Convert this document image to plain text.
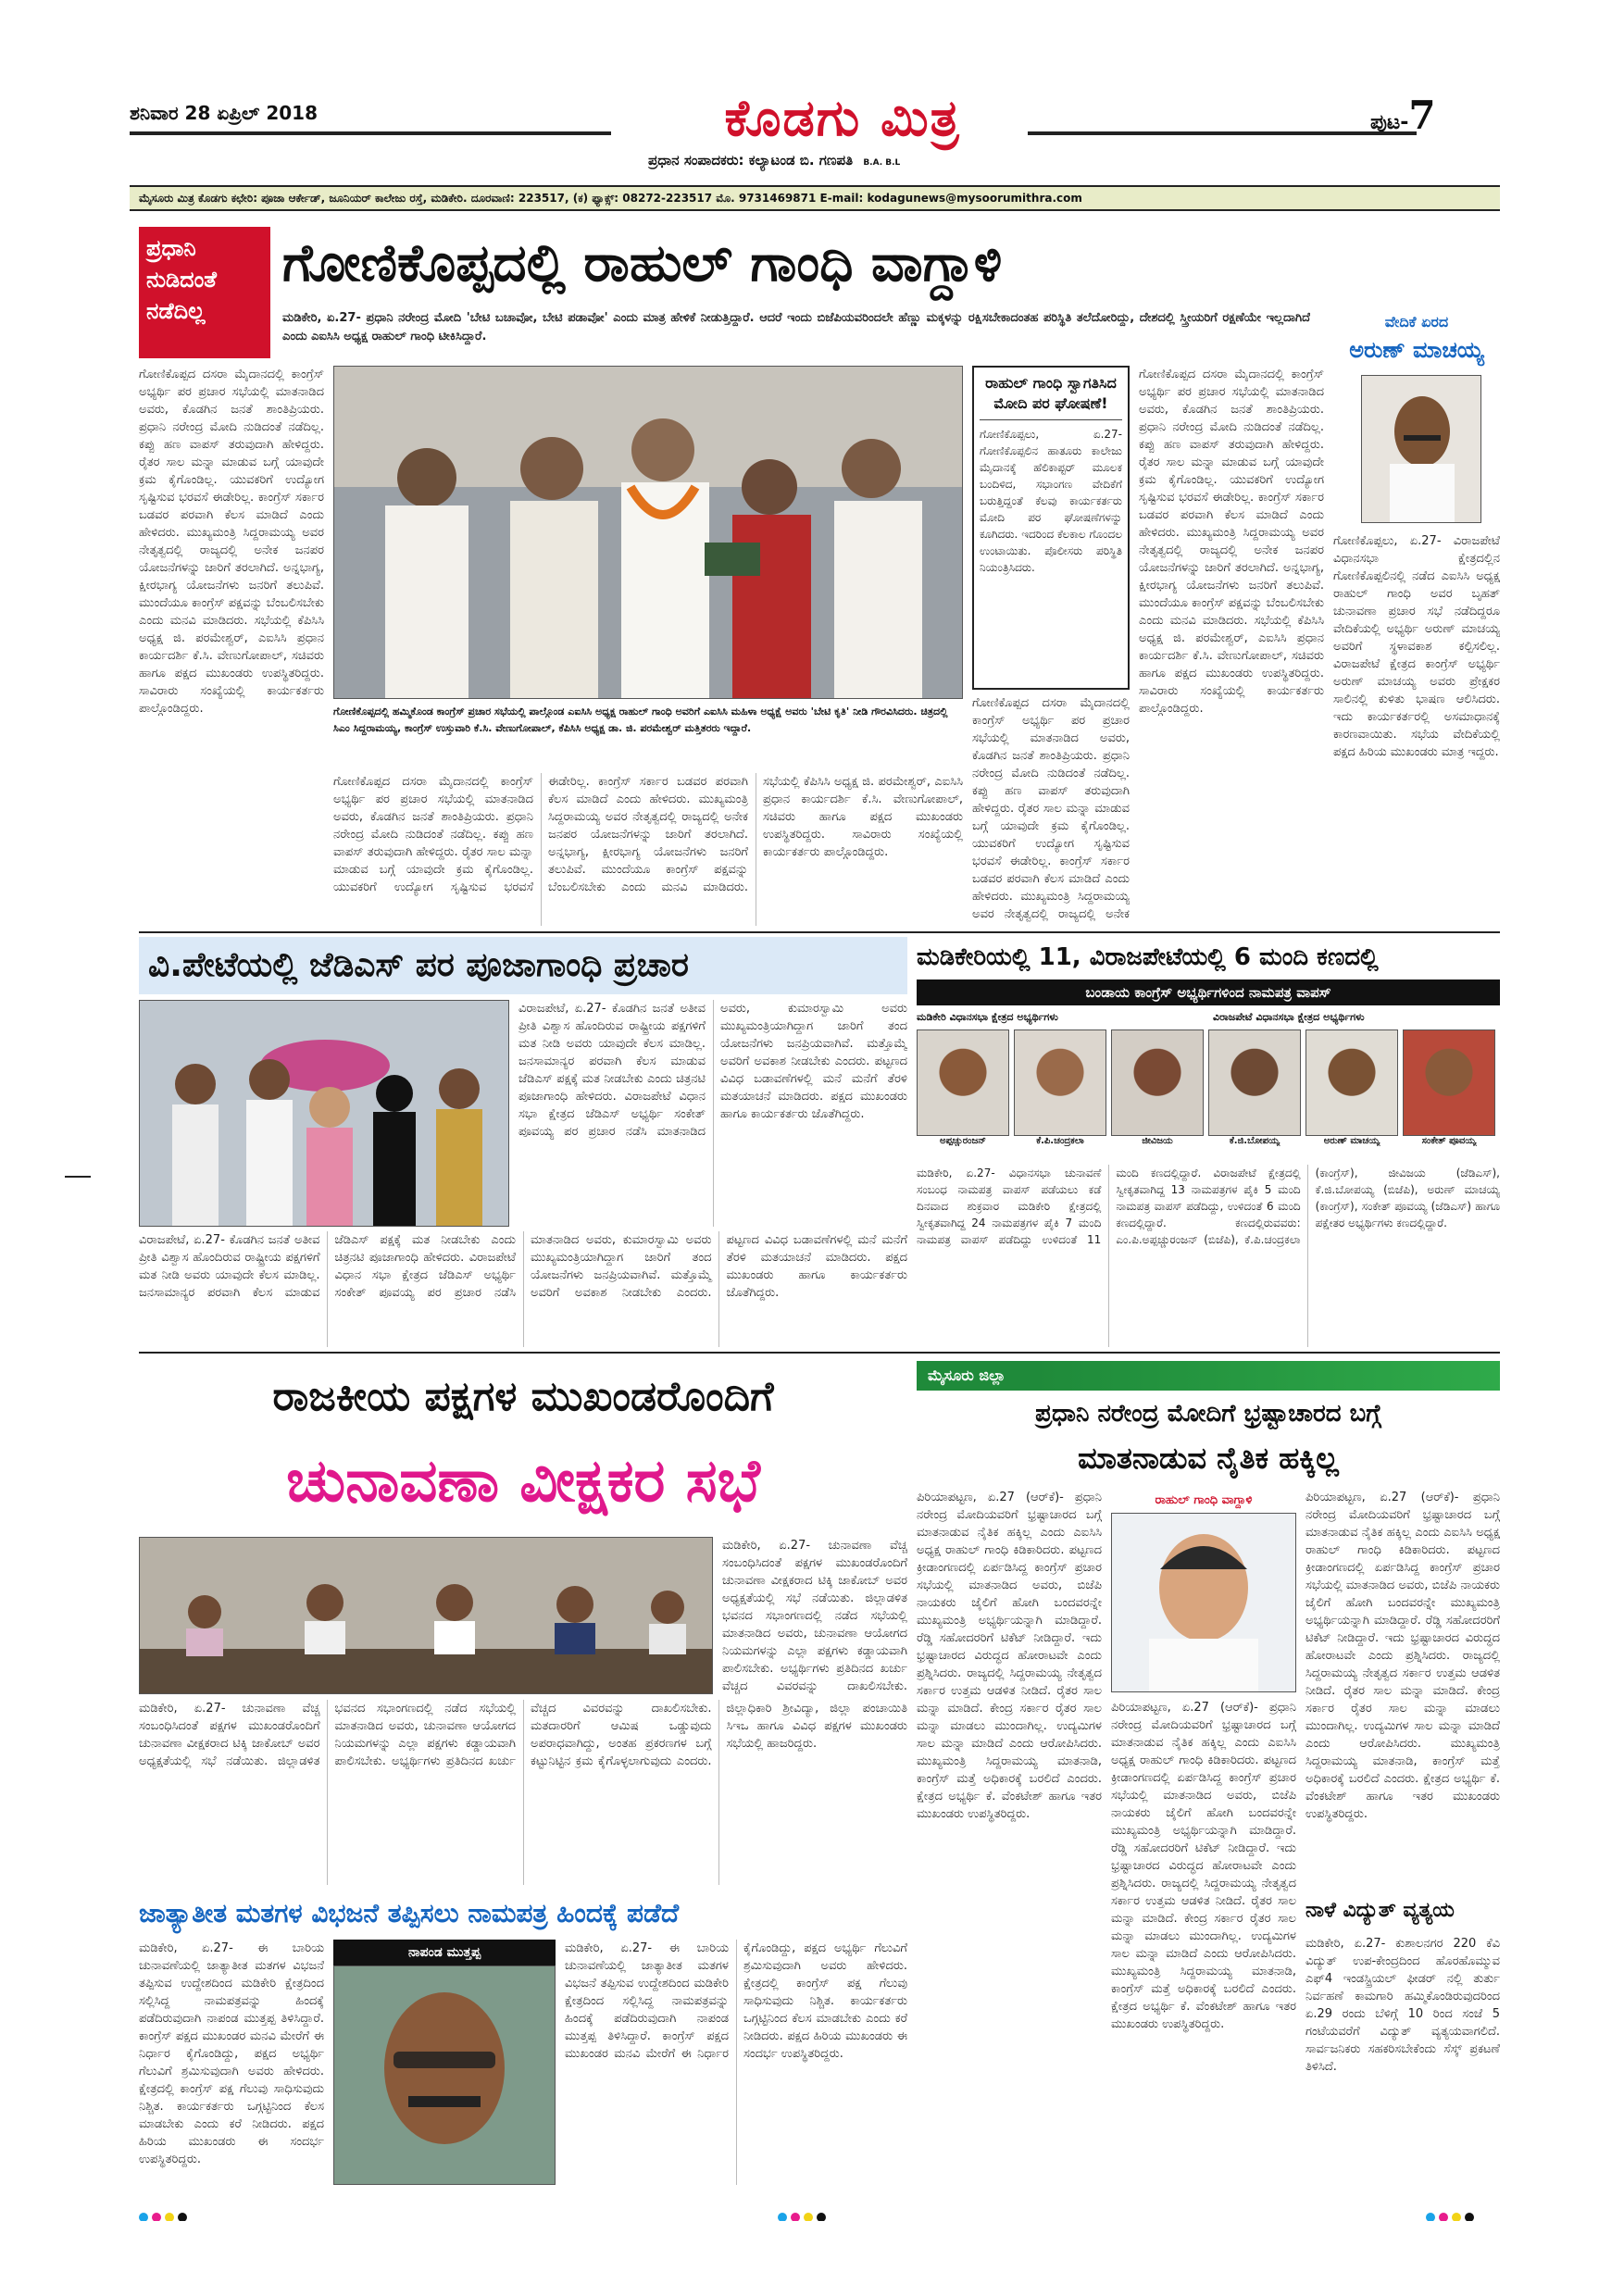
ಶನಿವಾರ 28 ಏಪ್ರಿಲ್ 2018	ಕೊಡಗು ಮಿತ್ರ	ಪುಟ-7
ಪ್ರಧಾನ ಸಂಪಾದಕರು: ಕಲ್ಯಾಟಂಡ ಬಿ. ಗಣಪತಿ B.A. B.L
ಮೈಸೂರು ಮಿತ್ರ ಕೊಡಗು ಕಛೇರಿ: ಪೂಜಾ ಆರ್ಕೇಡ್, ಜೂನಿಯರ್ ಕಾಲೇಜು ರಸ್ತೆ, ಮಡಿಕೇರಿ. ದೂರವಾಣಿ: 223517, (ಕ) ಫ್ಯಾಕ್ಸ್: 08272-223517 ಮೊ. 9731469871 E-mail: kodagunews@mysoorumithra.com
ಪ್ರಧಾನಿ ನುಡಿದಂತೆ ನಡೆದಿಲ್ಲ
ಗೋಣಿಕೊಪ್ಪದಲ್ಲಿ ರಾಹುಲ್ ಗಾಂಧಿ ವಾಗ್ದಾಳಿ
ಮಡಿಕೇರಿ, ಏ.27- ಪ್ರಧಾನಿ ನರೇಂದ್ರ ಮೋದಿ 'ಬೇಟಿ ಬಚಾವೋ, ಬೇಟಿ ಪಡಾವೋ' ಎಂದು ಮಾತ್ರ ಹೇಳಿಕೆ ನೀಡುತ್ತಿದ್ದಾರೆ. ಆದರೆ ಇಂದು ಬಿಜೆಪಿಯವರಿಂದಲೇ ಹೆಣ್ಣು ಮಕ್ಕಳನ್ನು ರಕ್ಷಿಸಬೇಕಾದಂತಹ ಪರಿಸ್ಥಿತಿ ತಲೆದೋರಿದ್ದು, ದೇಶದಲ್ಲಿ ಸ್ತ್ರೀಯರಿಗೆ ರಕ್ಷಣೆಯೇ ಇಲ್ಲದಾಗಿದೆ ಎಂದು ಎಐಸಿಸಿ ಅಧ್ಯಕ್ಷ ರಾಹುಲ್ ಗಾಂಧಿ ಟೀಕಿಸಿದ್ದಾರೆ.
ಗೋಣಿಕೊಪ್ಪದ ದಸರಾ ಮೈದಾನದಲ್ಲಿ ಕಾಂಗ್ರೆಸ್ ಅಭ್ಯರ್ಥಿ ಪರ ಪ್ರಚಾರ ಸಭೆಯಲ್ಲಿ ಮಾತನಾಡಿದ ಅವರು, ಕೊಡಗಿನ ಜನತೆ ಶಾಂತಿಪ್ರಿಯರು. ಪ್ರಧಾನಿ ನರೇಂದ್ರ ಮೋದಿ ನುಡಿದಂತೆ ನಡೆದಿಲ್ಲ. ಕಪ್ಪು ಹಣ ವಾಪಸ್ ತರುವುದಾಗಿ ಹೇಳಿದ್ದರು. ರೈತರ ಸಾಲ ಮನ್ನಾ ಮಾಡುವ ಬಗ್ಗೆ ಯಾವುದೇ ಕ್ರಮ ಕೈಗೊಂಡಿಲ್ಲ. ಯುವಕರಿಗೆ ಉದ್ಯೋಗ ಸೃಷ್ಟಿಸುವ ಭರವಸೆ ಈಡೇರಿಲ್ಲ. ಕಾಂಗ್ರೆಸ್ ಸರ್ಕಾರ ಬಡವರ ಪರವಾಗಿ ಕೆಲಸ ಮಾಡಿದೆ ಎಂದು ಹೇಳಿದರು. ಮುಖ್ಯಮಂತ್ರಿ ಸಿದ್ದರಾಮಯ್ಯ ಅವರ ನೇತೃತ್ವದಲ್ಲಿ ರಾಜ್ಯದಲ್ಲಿ ಅನೇಕ ಜನಪರ ಯೋಜನೆಗಳನ್ನು ಜಾರಿಗೆ ತರಲಾಗಿದೆ. ಅನ್ನಭಾಗ್ಯ, ಕ್ಷೀರಭಾಗ್ಯ ಯೋಜನೆಗಳು ಜನರಿಗೆ ತಲುಪಿವೆ. ಮುಂದೆಯೂ ಕಾಂಗ್ರೆಸ್ ಪಕ್ಷವನ್ನು ಬೆಂಬಲಿಸಬೇಕು ಎಂದು ಮನವಿ ಮಾಡಿದರು. ಸಭೆಯಲ್ಲಿ ಕೆಪಿಸಿಸಿ ಅಧ್ಯಕ್ಷ ಜಿ. ಪರಮೇಶ್ವರ್, ಎಐಸಿಸಿ ಪ್ರಧಾನ ಕಾರ್ಯದರ್ಶಿ ಕೆ.ಸಿ. ವೇಣುಗೋಪಾಲ್, ಸಚಿವರು ಹಾಗೂ ಪಕ್ಷದ ಮುಖಂಡರು ಉಪಸ್ಥಿತರಿದ್ದರು. ಸಾವಿರಾರು ಸಂಖ್ಯೆಯಲ್ಲಿ ಕಾರ್ಯಕರ್ತರು ಪಾಲ್ಗೊಂಡಿದ್ದರು.	ಗೋಣಿಕೊಪ್ಪದಲ್ಲಿ ಹಮ್ಮಿಕೊಂಡ ಕಾಂಗ್ರೆಸ್ ಪ್ರಚಾರ ಸಭೆಯಲ್ಲಿ ಪಾಲ್ಗೊಂಡ ಎಐಸಿಸಿ ಅಧ್ಯಕ್ಷ ರಾಹುಲ್ ಗಾಂಧಿ ಅವರಿಗೆ ಎಐಸಿಸಿ ಮಹಿಳಾ ಅಧ್ಯಕ್ಷೆ ಅವರು 'ಬೇಟಿ ಕೃತಿ' ನೀಡಿ ಗೌರವಿಸಿದರು. ಚಿತ್ರದಲ್ಲಿ ಸಿಎಂ ಸಿದ್ದರಾಮಯ್ಯ, ಕಾಂಗ್ರೆಸ್ ಉಸ್ತುವಾರಿ ಕೆ.ಸಿ. ವೇಣುಗೋಪಾಲ್, ಕೆಪಿಸಿಸಿ ಅಧ್ಯಕ್ಷ ಡಾ. ಜಿ. ಪರಮೇಶ್ವರ್ ಮತ್ತಿತರರು ಇದ್ದಾರೆ.
ಗೋಣಿಕೊಪ್ಪದ ದಸರಾ ಮೈದಾನದಲ್ಲಿ ಕಾಂಗ್ರೆಸ್ ಅಭ್ಯರ್ಥಿ ಪರ ಪ್ರಚಾರ ಸಭೆಯಲ್ಲಿ ಮಾತನಾಡಿದ ಅವರು, ಕೊಡಗಿನ ಜನತೆ ಶಾಂತಿಪ್ರಿಯರು. ಪ್ರಧಾನಿ ನರೇಂದ್ರ ಮೋದಿ ನುಡಿದಂತೆ ನಡೆದಿಲ್ಲ. ಕಪ್ಪು ಹಣ ವಾಪಸ್ ತರುವುದಾಗಿ ಹೇಳಿದ್ದರು. ರೈತರ ಸಾಲ ಮನ್ನಾ ಮಾಡುವ ಬಗ್ಗೆ ಯಾವುದೇ ಕ್ರಮ ಕೈಗೊಂಡಿಲ್ಲ. ಯುವಕರಿಗೆ ಉದ್ಯೋಗ ಸೃಷ್ಟಿಸುವ ಭರವಸೆ ಈಡೇರಿಲ್ಲ. ಕಾಂಗ್ರೆಸ್ ಸರ್ಕಾರ ಬಡವರ ಪರವಾಗಿ ಕೆಲಸ ಮಾಡಿದೆ ಎಂದು ಹೇಳಿದರು. ಮುಖ್ಯಮಂತ್ರಿ ಸಿದ್ದರಾಮಯ್ಯ ಅವರ ನೇತೃತ್ವದಲ್ಲಿ ರಾಜ್ಯದಲ್ಲಿ ಅನೇಕ ಜನಪರ ಯೋಜನೆಗಳನ್ನು ಜಾರಿಗೆ ತರಲಾಗಿದೆ. ಅನ್ನಭಾಗ್ಯ, ಕ್ಷೀರಭಾಗ್ಯ ಯೋಜನೆಗಳು ಜನರಿಗೆ ತಲುಪಿವೆ. ಮುಂದೆಯೂ ಕಾಂಗ್ರೆಸ್ ಪಕ್ಷವನ್ನು ಬೆಂಬಲಿಸಬೇಕು ಎಂದು ಮನವಿ ಮಾಡಿದರು. ಸಭೆಯಲ್ಲಿ ಕೆಪಿಸಿಸಿ ಅಧ್ಯಕ್ಷ ಜಿ. ಪರಮೇಶ್ವರ್, ಎಐಸಿಸಿ ಪ್ರಧಾನ ಕಾರ್ಯದರ್ಶಿ ಕೆ.ಸಿ. ವೇಣುಗೋಪಾಲ್, ಸಚಿವರು ಹಾಗೂ ಪಕ್ಷದ ಮುಖಂಡರು ಉಪಸ್ಥಿತರಿದ್ದರು. ಸಾವಿರಾರು ಸಂಖ್ಯೆಯಲ್ಲಿ ಕಾರ್ಯಕರ್ತರು ಪಾಲ್ಗೊಂಡಿದ್ದರು.
ರಾಹುಲ್ ಗಾಂಧಿ ಸ್ವಾಗತಿಸಿದ ಮೋದಿ ಪರ ಘೋಷಣೆ!
ಗೋಣಿಕೊಪ್ಪಲು, ಏ.27- ಗೋಣಿಕೊಪ್ಪಲಿನ ಹಾತೂರು ಕಾಲೇಜು ಮೈದಾನಕ್ಕೆ ಹೆಲಿಕಾಪ್ಟರ್ ಮೂಲಕ ಬಂದಿಳಿದ, ಸಭಾಂಗಣ ವೇದಿಕೆಗೆ ಬರುತ್ತಿದ್ದಂತೆ ಕೆಲವು ಕಾರ್ಯಕರ್ತರು ಮೋದಿ ಪರ ಘೋಷಣೆಗಳನ್ನು ಕೂಗಿದರು. ಇದರಿಂದ ಕೆಲಕಾಲ ಗೊಂದಲ ಉಂಟಾಯಿತು. ಪೊಲೀಸರು ಪರಿಸ್ಥಿತಿ ನಿಯಂತ್ರಿಸಿದರು.
ಗೋಣಿಕೊಪ್ಪದ ದಸರಾ ಮೈದಾನದಲ್ಲಿ ಕಾಂಗ್ರೆಸ್ ಅಭ್ಯರ್ಥಿ ಪರ ಪ್ರಚಾರ ಸಭೆಯಲ್ಲಿ ಮಾತನಾಡಿದ ಅವರು, ಕೊಡಗಿನ ಜನತೆ ಶಾಂತಿಪ್ರಿಯರು. ಪ್ರಧಾನಿ ನರೇಂದ್ರ ಮೋದಿ ನುಡಿದಂತೆ ನಡೆದಿಲ್ಲ. ಕಪ್ಪು ಹಣ ವಾಪಸ್ ತರುವುದಾಗಿ ಹೇಳಿದ್ದರು. ರೈತರ ಸಾಲ ಮನ್ನಾ ಮಾಡುವ ಬಗ್ಗೆ ಯಾವುದೇ ಕ್ರಮ ಕೈಗೊಂಡಿಲ್ಲ. ಯುವಕರಿಗೆ ಉದ್ಯೋಗ ಸೃಷ್ಟಿಸುವ ಭರವಸೆ ಈಡೇರಿಲ್ಲ. ಕಾಂಗ್ರೆಸ್ ಸರ್ಕಾರ ಬಡವರ ಪರವಾಗಿ ಕೆಲಸ ಮಾಡಿದೆ ಎಂದು ಹೇಳಿದರು. ಮುಖ್ಯಮಂತ್ರಿ ಸಿದ್ದರಾಮಯ್ಯ ಅವರ ನೇತೃತ್ವದಲ್ಲಿ ರಾಜ್ಯದಲ್ಲಿ ಅನೇಕ
ಗೋಣಿಕೊಪ್ಪದ ದಸರಾ ಮೈದಾನದಲ್ಲಿ ಕಾಂಗ್ರೆಸ್ ಅಭ್ಯರ್ಥಿ ಪರ ಪ್ರಚಾರ ಸಭೆಯಲ್ಲಿ ಮಾತನಾಡಿದ ಅವರು, ಕೊಡಗಿನ ಜನತೆ ಶಾಂತಿಪ್ರಿಯರು. ಪ್ರಧಾನಿ ನರೇಂದ್ರ ಮೋದಿ ನುಡಿದಂತೆ ನಡೆದಿಲ್ಲ. ಕಪ್ಪು ಹಣ ವಾಪಸ್ ತರುವುದಾಗಿ ಹೇಳಿದ್ದರು. ರೈತರ ಸಾಲ ಮನ್ನಾ ಮಾಡುವ ಬಗ್ಗೆ ಯಾವುದೇ ಕ್ರಮ ಕೈಗೊಂಡಿಲ್ಲ. ಯುವಕರಿಗೆ ಉದ್ಯೋಗ ಸೃಷ್ಟಿಸುವ ಭರವಸೆ ಈಡೇರಿಲ್ಲ. ಕಾಂಗ್ರೆಸ್ ಸರ್ಕಾರ ಬಡವರ ಪರವಾಗಿ ಕೆಲಸ ಮಾಡಿದೆ ಎಂದು ಹೇಳಿದರು. ಮುಖ್ಯಮಂತ್ರಿ ಸಿದ್ದರಾಮಯ್ಯ ಅವರ ನೇತೃತ್ವದಲ್ಲಿ ರಾಜ್ಯದಲ್ಲಿ ಅನೇಕ ಜನಪರ ಯೋಜನೆಗಳನ್ನು ಜಾರಿಗೆ ತರಲಾಗಿದೆ. ಅನ್ನಭಾಗ್ಯ, ಕ್ಷೀರಭಾಗ್ಯ ಯೋಜನೆಗಳು ಜನರಿಗೆ ತಲುಪಿವೆ. ಮುಂದೆಯೂ ಕಾಂಗ್ರೆಸ್ ಪಕ್ಷವನ್ನು ಬೆಂಬಲಿಸಬೇಕು ಎಂದು ಮನವಿ ಮಾಡಿದರು. ಸಭೆಯಲ್ಲಿ ಕೆಪಿಸಿಸಿ ಅಧ್ಯಕ್ಷ ಜಿ. ಪರಮೇಶ್ವರ್, ಎಐಸಿಸಿ ಪ್ರಧಾನ ಕಾರ್ಯದರ್ಶಿ ಕೆ.ಸಿ. ವೇಣುಗೋಪಾಲ್, ಸಚಿವರು ಹಾಗೂ ಪಕ್ಷದ ಮುಖಂಡರು ಉಪಸ್ಥಿತರಿದ್ದರು. ಸಾವಿರಾರು ಸಂಖ್ಯೆಯಲ್ಲಿ ಕಾರ್ಯಕರ್ತರು ಪಾಲ್ಗೊಂಡಿದ್ದರು.
ವೇದಿಕೆ ಏರದ
ಅರುಣ್ ಮಾಚಯ್ಯ
ಗೋಣಿಕೊಪ್ಪಲು, ಏ.27- ವಿರಾಜಪೇಟೆ ವಿಧಾನಸಭಾ ಕ್ಷೇತ್ರದಲ್ಲಿನ ಗೋಣಿಕೊಪ್ಪಲಿನಲ್ಲಿ ನಡೆದ ಎಐಸಿಸಿ ಅಧ್ಯಕ್ಷ ರಾಹುಲ್ ಗಾಂಧಿ ಅವರ ಬೃಹತ್ ಚುನಾವಣಾ ಪ್ರಚಾರ ಸಭೆ ನಡೆದಿದ್ದರೂ ವೇದಿಕೆಯಲ್ಲಿ ಅಭ್ಯರ್ಥಿ ಅರುಣ್ ಮಾಚಯ್ಯ ಅವರಿಗೆ ಸ್ಥಳಾವಕಾಶ ಕಲ್ಪಿಸಲಿಲ್ಲ. ವಿರಾಜಪೇಟೆ ಕ್ಷೇತ್ರದ ಕಾಂಗ್ರೆಸ್ ಅಭ್ಯರ್ಥಿ ಅರುಣ್ ಮಾಚಯ್ಯ ಅವರು ಪ್ರೇಕ್ಷಕರ ಸಾಲಿನಲ್ಲಿ ಕುಳಿತು ಭಾಷಣ ಆಲಿಸಿದರು. ಇದು ಕಾರ್ಯಕರ್ತರಲ್ಲಿ ಅಸಮಾಧಾನಕ್ಕೆ ಕಾರಣವಾಯಿತು. ಸಭೆಯ ವೇದಿಕೆಯಲ್ಲಿ ಪಕ್ಷದ ಹಿರಿಯ ಮುಖಂಡರು ಮಾತ್ರ ಇದ್ದರು.
ವಿ.ಪೇಟೆಯಲ್ಲಿ ಜೆಡಿಎಸ್ ಪರ ಪೂಜಾಗಾಂಧಿ ಪ್ರಚಾರ
ವಿರಾಜಪೇಟೆ, ಏ.27- ಕೊಡಗಿನ ಜನತೆ ಅತೀವ ಪ್ರೀತಿ ವಿಶ್ವಾಸ ಹೊಂದಿರುವ ರಾಷ್ಟ್ರೀಯ ಪಕ್ಷಗಳಿಗೆ ಮತ ನೀಡಿ ಅವರು ಯಾವುದೇ ಕೆಲಸ ಮಾಡಿಲ್ಲ. ಜನಸಾಮಾನ್ಯರ ಪರವಾಗಿ ಕೆಲಸ ಮಾಡುವ ಜೆಡಿಎಸ್ ಪಕ್ಷಕ್ಕೆ ಮತ ನೀಡಬೇಕು ಎಂದು ಚಿತ್ರನಟಿ ಪೂಜಾಗಾಂಧಿ ಹೇಳಿದರು. ವಿರಾಜಪೇಟೆ ವಿಧಾನ ಸಭಾ ಕ್ಷೇತ್ರದ ಜೆಡಿಎಸ್ ಅಭ್ಯರ್ಥಿ ಸಂಕೇತ್ ಪೂವಯ್ಯ ಪರ ಪ್ರಚಾರ ನಡೆಸಿ ಮಾತನಾಡಿದ ಅವರು, ಕುಮಾರಸ್ವಾಮಿ ಅವರು ಮುಖ್ಯಮಂತ್ರಿಯಾಗಿದ್ದಾಗ ಜಾರಿಗೆ ತಂದ ಯೋಜನೆಗಳು ಜನಪ್ರಿಯವಾಗಿವೆ. ಮತ್ತೊಮ್ಮೆ ಅವರಿಗೆ ಅವಕಾಶ ನೀಡಬೇಕು ಎಂದರು. ಪಟ್ಟಣದ ವಿವಿಧ ಬಡಾವಣೆಗಳಲ್ಲಿ ಮನೆ ಮನೆಗೆ ತೆರಳಿ ಮತಯಾಚನೆ ಮಾಡಿದರು. ಪಕ್ಷದ ಮುಖಂಡರು ಹಾಗೂ ಕಾರ್ಯಕರ್ತರು ಜೊತೆಗಿದ್ದರು.
ವಿರಾಜಪೇಟೆ, ಏ.27- ಕೊಡಗಿನ ಜನತೆ ಅತೀವ ಪ್ರೀತಿ ವಿಶ್ವಾಸ ಹೊಂದಿರುವ ರಾಷ್ಟ್ರೀಯ ಪಕ್ಷಗಳಿಗೆ ಮತ ನೀಡಿ ಅವರು ಯಾವುದೇ ಕೆಲಸ ಮಾಡಿಲ್ಲ. ಜನಸಾಮಾನ್ಯರ ಪರವಾಗಿ ಕೆಲಸ ಮಾಡುವ ಜೆಡಿಎಸ್ ಪಕ್ಷಕ್ಕೆ ಮತ ನೀಡಬೇಕು ಎಂದು ಚಿತ್ರನಟಿ ಪೂಜಾಗಾಂಧಿ ಹೇಳಿದರು. ವಿರಾಜಪೇಟೆ ವಿಧಾನ ಸಭಾ ಕ್ಷೇತ್ರದ ಜೆಡಿಎಸ್ ಅಭ್ಯರ್ಥಿ ಸಂಕೇತ್ ಪೂವಯ್ಯ ಪರ ಪ್ರಚಾರ ನಡೆಸಿ ಮಾತನಾಡಿದ ಅವರು, ಕುಮಾರಸ್ವಾಮಿ ಅವರು ಮುಖ್ಯಮಂತ್ರಿಯಾಗಿದ್ದಾಗ ಜಾರಿಗೆ ತಂದ ಯೋಜನೆಗಳು ಜನಪ್ರಿಯವಾಗಿವೆ. ಮತ್ತೊಮ್ಮೆ ಅವರಿಗೆ ಅವಕಾಶ ನೀಡಬೇಕು ಎಂದರು. ಪಟ್ಟಣದ ವಿವಿಧ ಬಡಾವಣೆಗಳಲ್ಲಿ ಮನೆ ಮನೆಗೆ ತೆರಳಿ ಮತಯಾಚನೆ ಮಾಡಿದರು. ಪಕ್ಷದ ಮುಖಂಡರು ಹಾಗೂ ಕಾರ್ಯಕರ್ತರು ಜೊತೆಗಿದ್ದರು.
ಮಡಿಕೇರಿಯಲ್ಲಿ 11, ವಿರಾಜಪೇಟೆಯಲ್ಲಿ 6 ಮಂದಿ ಕಣದಲ್ಲಿ
ಬಂಡಾಯ ಕಾಂಗ್ರೆಸ್ ಅಭ್ಯರ್ಥಿಗಳಿಂದ ನಾಮಪತ್ರ ವಾಪಸ್
ಮಡಿಕೇರಿ ವಿಧಾನಸಭಾ ಕ್ಷೇತ್ರದ ಅಭ್ಯರ್ಥಿಗಳು	ವಿರಾಜಪೇಟೆ ವಿಧಾನಸಭಾ ಕ್ಷೇತ್ರದ ಅಭ್ಯರ್ಥಿಗಳು
ಅಪ್ಪಚ್ಚುರಂಜನ್	ಕೆ.ಪಿ.ಚಂದ್ರಕಲಾ	ಜೀವಿಜಯ	ಕೆ.ಜಿ.ಬೋಪಯ್ಯ	ಅರುಣ್ ಮಾಚಯ್ಯ	ಸಂಕೇತ್ ಪೂವಯ್ಯ
ಮಡಿಕೇರಿ, ಏ.27- ವಿಧಾನಸಭಾ ಚುನಾವಣೆ ಸಂಬಂಧ ನಾಮಪತ್ರ ವಾಪಸ್ ಪಡೆಯಲು ಕಡೆ ದಿನವಾದ ಶುಕ್ರವಾರ ಮಡಿಕೇರಿ ಕ್ಷೇತ್ರದಲ್ಲಿ ಸ್ವೀಕೃತವಾಗಿದ್ದ 24 ನಾಮಪತ್ರಗಳ ಪೈಕಿ 7 ಮಂದಿ ನಾಮಪತ್ರ ವಾಪಸ್ ಪಡೆದಿದ್ದು ಉಳಿದಂತೆ 11 ಮಂದಿ ಕಣದಲ್ಲಿದ್ದಾರೆ. ವಿರಾಜಪೇಟೆ ಕ್ಷೇತ್ರದಲ್ಲಿ ಸ್ವೀಕೃತವಾಗಿದ್ದ 13 ನಾಮಪತ್ರಗಳ ಪೈಕಿ 5 ಮಂದಿ ನಾಮಪತ್ರ ವಾಪಸ್ ಪಡೆದಿದ್ದು, ಉಳಿದಂತೆ 6 ಮಂದಿ ಕಣದಲ್ಲಿದ್ದಾರೆ. ಕಣದಲ್ಲಿರುವವರು: ಎಂ.ಪಿ.ಅಪ್ಪಚ್ಚುರಂಜನ್ (ಬಿಜೆಪಿ), ಕೆ.ಪಿ.ಚಂದ್ರಕಲಾ (ಕಾಂಗ್ರೆಸ್), ಜೀವಿಜಯ (ಜೆಡಿಎಸ್), ಕೆ.ಜಿ.ಬೋಪಯ್ಯ (ಬಿಜೆಪಿ), ಅರುಣ್ ಮಾಚಯ್ಯ (ಕಾಂಗ್ರೆಸ್), ಸಂಕೇತ್ ಪೂವಯ್ಯ (ಜೆಡಿಎಸ್) ಹಾಗೂ ಪಕ್ಷೇತರ ಅಭ್ಯರ್ಥಿಗಳು ಕಣದಲ್ಲಿದ್ದಾರೆ.
ರಾಜಕೀಯ ಪಕ್ಷಗಳ ಮುಖಂಡರೊಂದಿಗೆ
ಚುನಾವಣಾ ವೀಕ್ಷಕರ ಸಭೆ
ಮಡಿಕೇರಿ, ಏ.27- ಚುನಾವಣಾ ವೆಚ್ಚ ಸಂಬಂಧಿಸಿದಂತೆ ಪಕ್ಷಗಳ ಮುಖಂಡರೊಂದಿಗೆ ಚುನಾವಣಾ ವೀಕ್ಷಕರಾದ ಟಿಕ್ಕಿ ಜಾಕೋಬ್ ಅವರ ಅಧ್ಯಕ್ಷತೆಯಲ್ಲಿ ಸಭೆ ನಡೆಯಿತು. ಜಿಲ್ಲಾಡಳಿತ ಭವನದ ಸಭಾಂಗಣದಲ್ಲಿ ನಡೆದ ಸಭೆಯಲ್ಲಿ ಮಾತನಾಡಿದ ಅವರು, ಚುನಾವಣಾ ಆಯೋಗದ ನಿಯಮಗಳನ್ನು ಎಲ್ಲಾ ಪಕ್ಷಗಳು ಕಡ್ಡಾಯವಾಗಿ ಪಾಲಿಸಬೇಕು. ಅಭ್ಯರ್ಥಿಗಳು ಪ್ರತಿದಿನದ ಖರ್ಚು ವೆಚ್ಚದ ವಿವರವನ್ನು ದಾಖಲಿಸಬೇಕು.
ಮಡಿಕೇರಿ, ಏ.27- ಚುನಾವಣಾ ವೆಚ್ಚ ಸಂಬಂಧಿಸಿದಂತೆ ಪಕ್ಷಗಳ ಮುಖಂಡರೊಂದಿಗೆ ಚುನಾವಣಾ ವೀಕ್ಷಕರಾದ ಟಿಕ್ಕಿ ಜಾಕೋಬ್ ಅವರ ಅಧ್ಯಕ್ಷತೆಯಲ್ಲಿ ಸಭೆ ನಡೆಯಿತು. ಜಿಲ್ಲಾಡಳಿತ ಭವನದ ಸಭಾಂಗಣದಲ್ಲಿ ನಡೆದ ಸಭೆಯಲ್ಲಿ ಮಾತನಾಡಿದ ಅವರು, ಚುನಾವಣಾ ಆಯೋಗದ ನಿಯಮಗಳನ್ನು ಎಲ್ಲಾ ಪಕ್ಷಗಳು ಕಡ್ಡಾಯವಾಗಿ ಪಾಲಿಸಬೇಕು. ಅಭ್ಯರ್ಥಿಗಳು ಪ್ರತಿದಿನದ ಖರ್ಚು ವೆಚ್ಚದ ವಿವರವನ್ನು ದಾಖಲಿಸಬೇಕು. ಮತದಾರರಿಗೆ ಆಮಿಷ ಒಡ್ಡುವುದು ಅಪರಾಧವಾಗಿದ್ದು, ಅಂತಹ ಪ್ರಕರಣಗಳ ಬಗ್ಗೆ ಕಟ್ಟುನಿಟ್ಟಿನ ಕ್ರಮ ಕೈಗೊಳ್ಳಲಾಗುವುದು ಎಂದರು. ಜಿಲ್ಲಾಧಿಕಾರಿ ಶ್ರೀವಿದ್ಯಾ, ಜಿಲ್ಲಾ ಪಂಚಾಯಿತಿ ಸಿಇಒ ಹಾಗೂ ವಿವಿಧ ಪಕ್ಷಗಳ ಮುಖಂಡರು ಸಭೆಯಲ್ಲಿ ಹಾಜರಿದ್ದರು.
ಜಾತ್ಯಾತೀತ ಮತಗಳ ವಿಭಜನೆ ತಪ್ಪಿಸಲು ನಾಮಪತ್ರ ಹಿಂದಕ್ಕೆ ಪಡೆದೆ
ಮಡಿಕೇರಿ, ಏ.27- ಈ ಬಾರಿಯ ಚುನಾವಣೆಯಲ್ಲಿ ಜಾತ್ಯಾತೀತ ಮತಗಳ ವಿಭಜನೆ ತಪ್ಪಿಸುವ ಉದ್ದೇಶದಿಂದ ಮಡಿಕೇರಿ ಕ್ಷೇತ್ರದಿಂದ ಸಲ್ಲಿಸಿದ್ದ ನಾಮಪತ್ರವನ್ನು ಹಿಂದಕ್ಕೆ ಪಡೆದಿರುವುದಾಗಿ ನಾಪಂಡ ಮುತ್ತಪ್ಪ ತಿಳಿಸಿದ್ದಾರೆ. ಕಾಂಗ್ರೆಸ್ ಪಕ್ಷದ ಮುಖಂಡರ ಮನವಿ ಮೇರೆಗೆ ಈ ನಿರ್ಧಾರ ಕೈಗೊಂಡಿದ್ದು, ಪಕ್ಷದ ಅಭ್ಯರ್ಥಿ ಗೆಲುವಿಗೆ ಶ್ರಮಿಸುವುದಾಗಿ ಅವರು ಹೇಳಿದರು. ಕ್ಷೇತ್ರದಲ್ಲಿ ಕಾಂಗ್ರೆಸ್ ಪಕ್ಷ ಗೆಲುವು ಸಾಧಿಸುವುದು ನಿಶ್ಚಿತ. ಕಾರ್ಯಕರ್ತರು ಒಗ್ಗಟ್ಟಿನಿಂದ ಕೆಲಸ ಮಾಡಬೇಕು ಎಂದು ಕರೆ ನೀಡಿದರು. ಪಕ್ಷದ ಹಿರಿಯ ಮುಖಂಡರು ಈ ಸಂದರ್ಭ ಉಪಸ್ಥಿತರಿದ್ದರು.
ನಾಪಂಡ ಮುತ್ತಪ್ಪ	ಮಡಿಕೇರಿ, ಏ.27- ಈ ಬಾರಿಯ ಚುನಾವಣೆಯಲ್ಲಿ ಜಾತ್ಯಾತೀತ ಮತಗಳ ವಿಭಜನೆ ತಪ್ಪಿಸುವ ಉದ್ದೇಶದಿಂದ ಮಡಿಕೇರಿ ಕ್ಷೇತ್ರದಿಂದ ಸಲ್ಲಿಸಿದ್ದ ನಾಮಪತ್ರವನ್ನು ಹಿಂದಕ್ಕೆ ಪಡೆದಿರುವುದಾಗಿ ನಾಪಂಡ ಮುತ್ತಪ್ಪ ತಿಳಿಸಿದ್ದಾರೆ. ಕಾಂಗ್ರೆಸ್ ಪಕ್ಷದ ಮುಖಂಡರ ಮನವಿ ಮೇರೆಗೆ ಈ ನಿರ್ಧಾರ ಕೈಗೊಂಡಿದ್ದು, ಪಕ್ಷದ ಅಭ್ಯರ್ಥಿ ಗೆಲುವಿಗೆ ಶ್ರಮಿಸುವುದಾಗಿ ಅವರು ಹೇಳಿದರು. ಕ್ಷೇತ್ರದಲ್ಲಿ ಕಾಂಗ್ರೆಸ್ ಪಕ್ಷ ಗೆಲುವು ಸಾಧಿಸುವುದು ನಿಶ್ಚಿತ. ಕಾರ್ಯಕರ್ತರು ಒಗ್ಗಟ್ಟಿನಿಂದ ಕೆಲಸ ಮಾಡಬೇಕು ಎಂದು ಕರೆ ನೀಡಿದರು. ಪಕ್ಷದ ಹಿರಿಯ ಮುಖಂಡರು ಈ ಸಂದರ್ಭ ಉಪಸ್ಥಿತರಿದ್ದರು.
ಮೈಸೂರು ಜಿಲ್ಲಾ
ಪ್ರಧಾನಿ ನರೇಂದ್ರ ಮೋದಿಗೆ ಭ್ರಷ್ಟಾಚಾರದ ಬಗ್ಗೆ
ಮಾತನಾಡುವ ನೈತಿಕ ಹಕ್ಕಿಲ್ಲ
ಪಿರಿಯಾಪಟ್ಟಣ, ಏ.27 (ಆರ್‌ಕೆ)- ಪ್ರಧಾನಿ ನರೇಂದ್ರ ಮೋದಿಯವರಿಗೆ ಭ್ರಷ್ಟಾಚಾರದ ಬಗ್ಗೆ ಮಾತನಾಡುವ ನೈತಿಕ ಹಕ್ಕಿಲ್ಲ ಎಂದು ಎಐಸಿಸಿ ಅಧ್ಯಕ್ಷ ರಾಹುಲ್ ಗಾಂಧಿ ಕಿಡಿಕಾರಿದರು. ಪಟ್ಟಣದ ಕ್ರೀಡಾಂಗಣದಲ್ಲಿ ಏರ್ಪಡಿಸಿದ್ದ ಕಾಂಗ್ರೆಸ್ ಪ್ರಚಾರ ಸಭೆಯಲ್ಲಿ ಮಾತನಾಡಿದ ಅವರು, ಬಿಜೆಪಿ ನಾಯಕರು ಜೈಲಿಗೆ ಹೋಗಿ ಬಂದವರನ್ನೇ ಮುಖ್ಯಮಂತ್ರಿ ಅಭ್ಯರ್ಥಿಯನ್ನಾಗಿ ಮಾಡಿದ್ದಾರೆ. ರೆಡ್ಡಿ ಸಹೋದರರಿಗೆ ಟಿಕೆಟ್ ನೀಡಿದ್ದಾರೆ. ಇದು ಭ್ರಷ್ಟಾಚಾರದ ವಿರುದ್ಧದ ಹೋರಾಟವೇ ಎಂದು ಪ್ರಶ್ನಿಸಿದರು. ರಾಜ್ಯದಲ್ಲಿ ಸಿದ್ದರಾಮಯ್ಯ ನೇತೃತ್ವದ ಸರ್ಕಾರ ಉತ್ತಮ ಆಡಳಿತ ನೀಡಿದೆ. ರೈತರ ಸಾಲ ಮನ್ನಾ ಮಾಡಿದೆ. ಕೇಂದ್ರ ಸರ್ಕಾರ ರೈತರ ಸಾಲ ಮನ್ನಾ ಮಾಡಲು ಮುಂದಾಗಿಲ್ಲ. ಉದ್ಯಮಿಗಳ ಸಾಲ ಮನ್ನಾ ಮಾಡಿದೆ ಎಂದು ಆರೋಪಿಸಿದರು. ಮುಖ್ಯಮಂತ್ರಿ ಸಿದ್ದರಾಮಯ್ಯ ಮಾತನಾಡಿ, ಕಾಂಗ್ರೆಸ್ ಮತ್ತೆ ಅಧಿಕಾರಕ್ಕೆ ಬರಲಿದೆ ಎಂದರು. ಕ್ಷೇತ್ರದ ಅಭ್ಯರ್ಥಿ ಕೆ. ವೆಂಕಟೇಶ್ ಹಾಗೂ ಇತರ ಮುಖಂಡರು ಉಪಸ್ಥಿತರಿದ್ದರು.
ರಾಹುಲ್ ಗಾಂಧಿ ವಾಗ್ದಾಳಿ
ಪಿರಿಯಾಪಟ್ಟಣ, ಏ.27 (ಆರ್‌ಕೆ)- ಪ್ರಧಾನಿ ನರೇಂದ್ರ ಮೋದಿಯವರಿಗೆ ಭ್ರಷ್ಟಾಚಾರದ ಬಗ್ಗೆ ಮಾತನಾಡುವ ನೈತಿಕ ಹಕ್ಕಿಲ್ಲ ಎಂದು ಎಐಸಿಸಿ ಅಧ್ಯಕ್ಷ ರಾಹುಲ್ ಗಾಂಧಿ ಕಿಡಿಕಾರಿದರು. ಪಟ್ಟಣದ ಕ್ರೀಡಾಂಗಣದಲ್ಲಿ ಏರ್ಪಡಿಸಿದ್ದ ಕಾಂಗ್ರೆಸ್ ಪ್ರಚಾರ ಸಭೆಯಲ್ಲಿ ಮಾತನಾಡಿದ ಅವರು, ಬಿಜೆಪಿ ನಾಯಕರು ಜೈಲಿಗೆ ಹೋಗಿ ಬಂದವರನ್ನೇ ಮುಖ್ಯಮಂತ್ರಿ ಅಭ್ಯರ್ಥಿಯನ್ನಾಗಿ ಮಾಡಿದ್ದಾರೆ. ರೆಡ್ಡಿ ಸಹೋದರರಿಗೆ ಟಿಕೆಟ್ ನೀಡಿದ್ದಾರೆ. ಇದು ಭ್ರಷ್ಟಾಚಾರದ ವಿರುದ್ಧದ ಹೋರಾಟವೇ ಎಂದು ಪ್ರಶ್ನಿಸಿದರು. ರಾಜ್ಯದಲ್ಲಿ ಸಿದ್ದರಾಮಯ್ಯ ನೇತೃತ್ವದ ಸರ್ಕಾರ ಉತ್ತಮ ಆಡಳಿತ ನೀಡಿದೆ. ರೈತರ ಸಾಲ ಮನ್ನಾ ಮಾಡಿದೆ. ಕೇಂದ್ರ ಸರ್ಕಾರ ರೈತರ ಸಾಲ ಮನ್ನಾ ಮಾಡಲು ಮುಂದಾಗಿಲ್ಲ. ಉದ್ಯಮಿಗಳ ಸಾಲ ಮನ್ನಾ ಮಾಡಿದೆ ಎಂದು ಆರೋಪಿಸಿದರು. ಮುಖ್ಯಮಂತ್ರಿ ಸಿದ್ದರಾಮಯ್ಯ ಮಾತನಾಡಿ, ಕಾಂಗ್ರೆಸ್ ಮತ್ತೆ ಅಧಿಕಾರಕ್ಕೆ ಬರಲಿದೆ ಎಂದರು. ಕ್ಷೇತ್ರದ ಅಭ್ಯರ್ಥಿ ಕೆ. ವೆಂಕಟೇಶ್ ಹಾಗೂ ಇತರ ಮುಖಂಡರು ಉಪಸ್ಥಿತರಿದ್ದರು.
ಪಿರಿಯಾಪಟ್ಟಣ, ಏ.27 (ಆರ್‌ಕೆ)- ಪ್ರಧಾನಿ ನರೇಂದ್ರ ಮೋದಿಯವರಿಗೆ ಭ್ರಷ್ಟಾಚಾರದ ಬಗ್ಗೆ ಮಾತನಾಡುವ ನೈತಿಕ ಹಕ್ಕಿಲ್ಲ ಎಂದು ಎಐಸಿಸಿ ಅಧ್ಯಕ್ಷ ರಾಹುಲ್ ಗಾಂಧಿ ಕಿಡಿಕಾರಿದರು. ಪಟ್ಟಣದ ಕ್ರೀಡಾಂಗಣದಲ್ಲಿ ಏರ್ಪಡಿಸಿದ್ದ ಕಾಂಗ್ರೆಸ್ ಪ್ರಚಾರ ಸಭೆಯಲ್ಲಿ ಮಾತನಾಡಿದ ಅವರು, ಬಿಜೆಪಿ ನಾಯಕರು ಜೈಲಿಗೆ ಹೋಗಿ ಬಂದವರನ್ನೇ ಮುಖ್ಯಮಂತ್ರಿ ಅಭ್ಯರ್ಥಿಯನ್ನಾಗಿ ಮಾಡಿದ್ದಾರೆ. ರೆಡ್ಡಿ ಸಹೋದರರಿಗೆ ಟಿಕೆಟ್ ನೀಡಿದ್ದಾರೆ. ಇದು ಭ್ರಷ್ಟಾಚಾರದ ವಿರುದ್ಧದ ಹೋರಾಟವೇ ಎಂದು ಪ್ರಶ್ನಿಸಿದರು. ರಾಜ್ಯದಲ್ಲಿ ಸಿದ್ದರಾಮಯ್ಯ ನೇತೃತ್ವದ ಸರ್ಕಾರ ಉತ್ತಮ ಆಡಳಿತ ನೀಡಿದೆ. ರೈತರ ಸಾಲ ಮನ್ನಾ ಮಾಡಿದೆ. ಕೇಂದ್ರ ಸರ್ಕಾರ ರೈತರ ಸಾಲ ಮನ್ನಾ ಮಾಡಲು ಮುಂದಾಗಿಲ್ಲ. ಉದ್ಯಮಿಗಳ ಸಾಲ ಮನ್ನಾ ಮಾಡಿದೆ ಎಂದು ಆರೋಪಿಸಿದರು. ಮುಖ್ಯಮಂತ್ರಿ ಸಿದ್ದರಾಮಯ್ಯ ಮಾತನಾಡಿ, ಕಾಂಗ್ರೆಸ್ ಮತ್ತೆ ಅಧಿಕಾರಕ್ಕೆ ಬರಲಿದೆ ಎಂದರು. ಕ್ಷೇತ್ರದ ಅಭ್ಯರ್ಥಿ ಕೆ. ವೆಂಕಟೇಶ್ ಹಾಗೂ ಇತರ ಮುಖಂಡರು ಉಪಸ್ಥಿತರಿದ್ದರು.
ನಾಳೆ ವಿದ್ಯುತ್ ವ್ಯತ್ಯಯ
ಮಡಿಕೇರಿ, ಏ.27- ಕುಶಾಲನಗರ 220 ಕೆವಿ ವಿದ್ಯುತ್ ಉಪ-ಕೇಂದ್ರದಿಂದ ಹೊರಹೊಮ್ಮುವ ಎಫ್4 ಇಂಡಸ್ಟ್ರಿಯಲ್ ಫೀಡರ್ ನಲ್ಲಿ ತುರ್ತು ನಿರ್ವಹಣೆ ಕಾಮಗಾರಿ ಹಮ್ಮಿಕೊಂಡಿರುವುದರಿಂದ ಏ.29 ರಂದು ಬೆಳಿಗ್ಗೆ 10 ರಿಂದ ಸಂಜೆ 5 ಗಂಟೆಯವರೆಗೆ ವಿದ್ಯುತ್ ವ್ಯತ್ಯಯವಾಗಲಿದೆ. ಸಾರ್ವಜನಿಕರು ಸಹಕರಿಸಬೇಕೆಂದು ಸೆಸ್ಕ್ ಪ್ರಕಟಣೆ ತಿಳಿಸಿದೆ.
